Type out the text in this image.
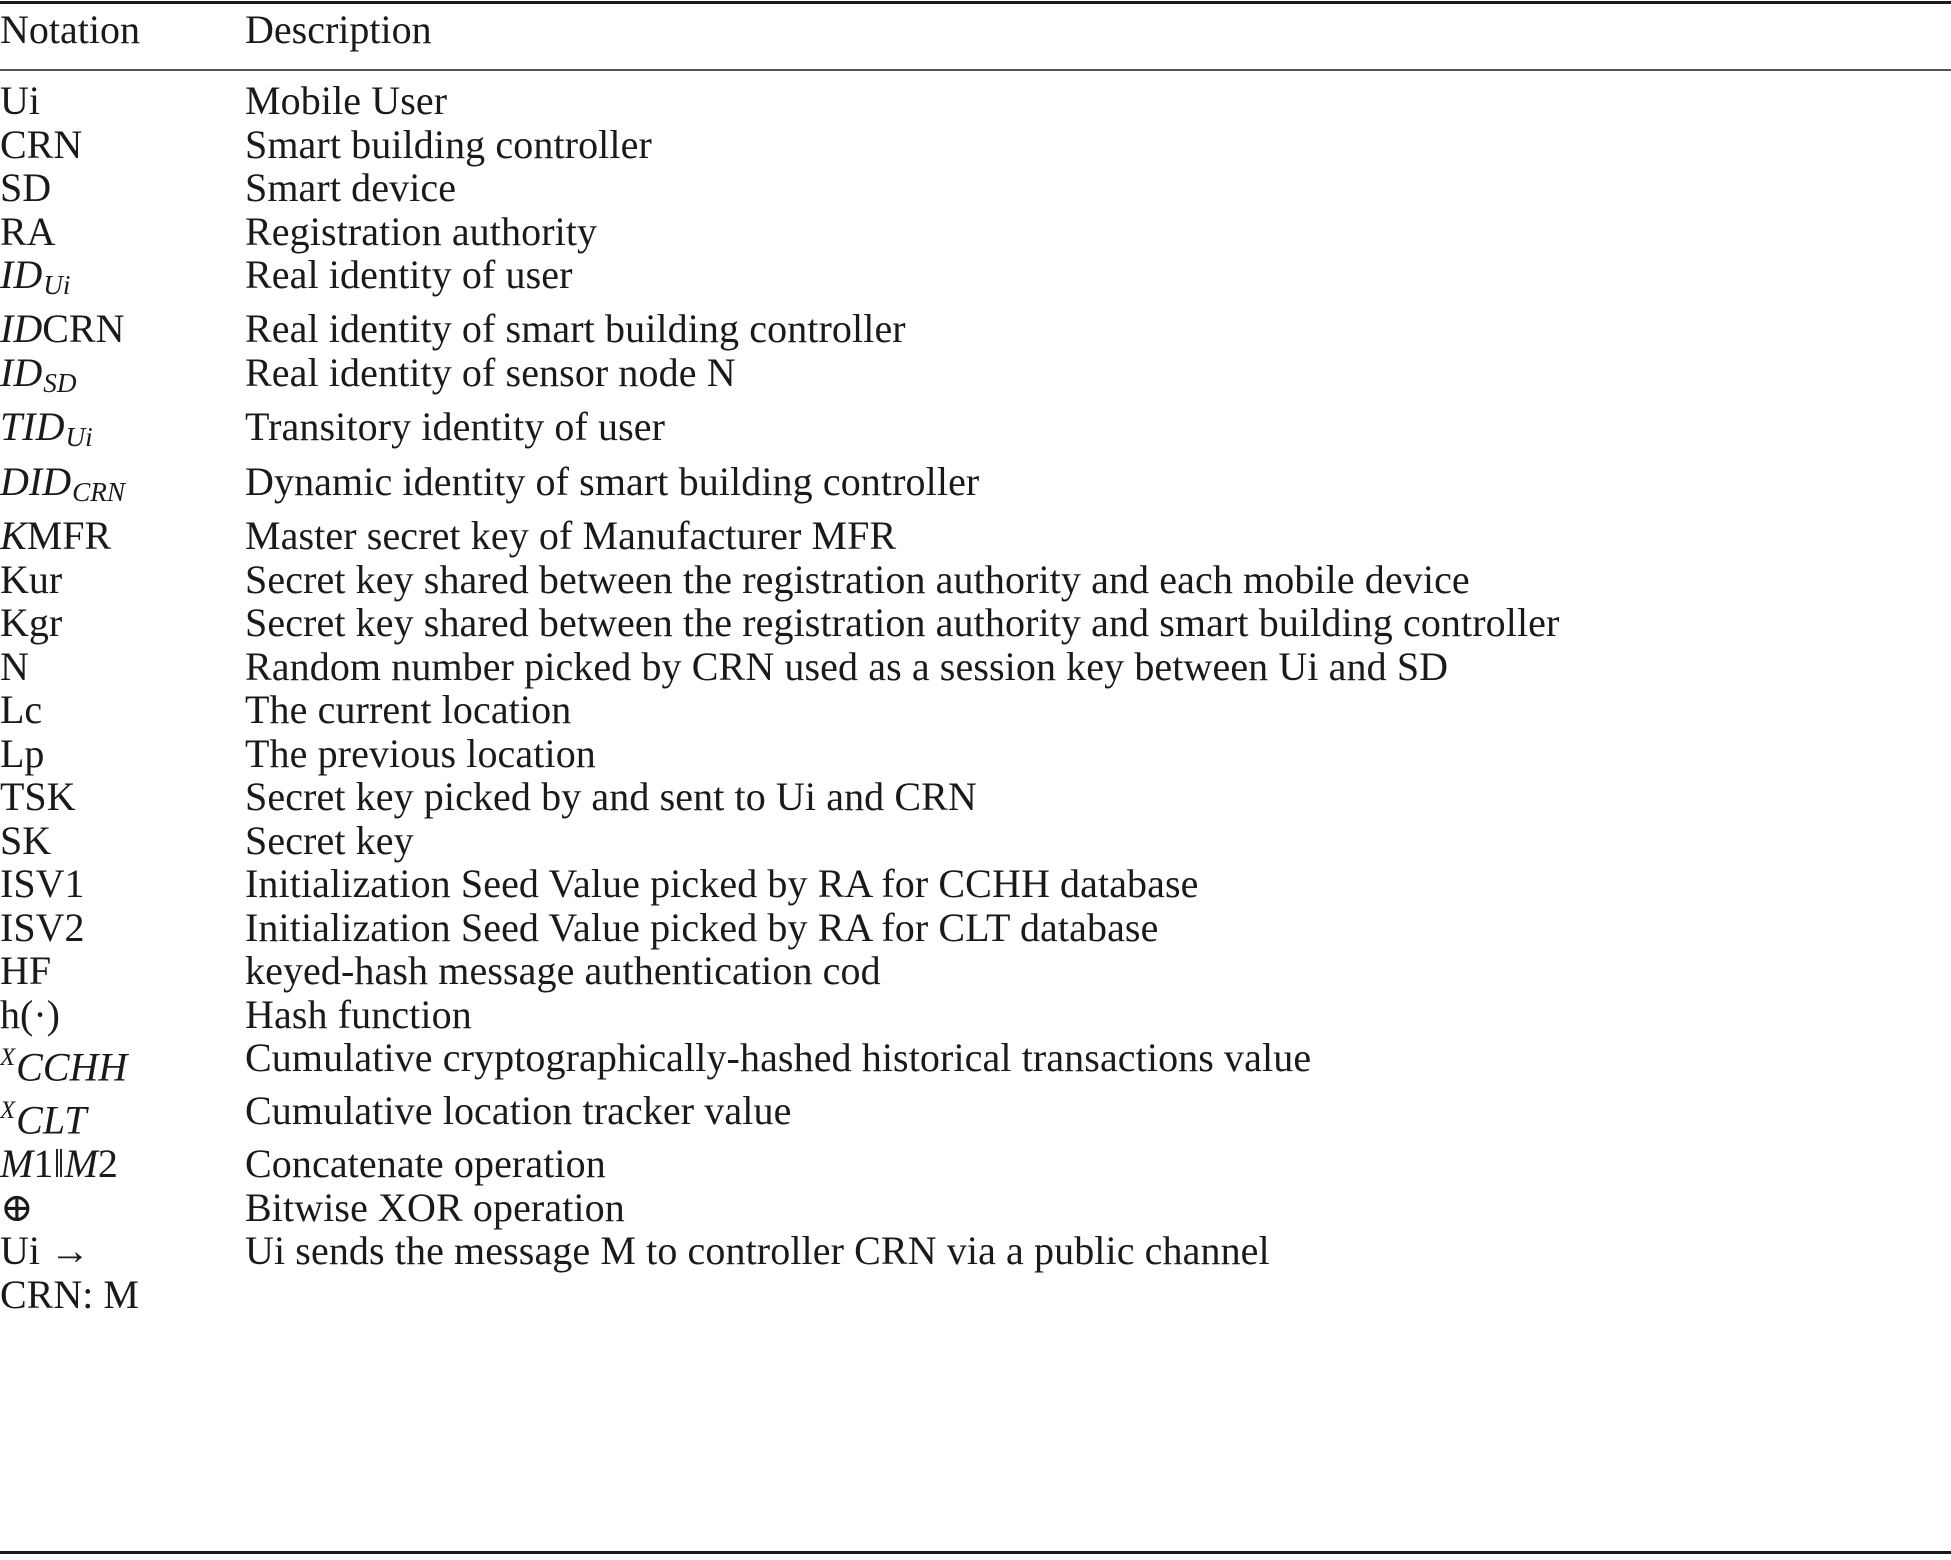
Notation	Description
Ui	Mobile User
CRN	Smart building controller
SD	Smart device
RA	Registration authority
$ID_{Ui}$	Real identity of user
IDCRN	Real identity of smart building controller
$ID_{SD}$	Real identity of sensor node N
$TID_{Ui}$	Transitory identity of user
$DID_{CRN}$	Dynamic identity of smart building controller
KMFR	Master secret key of Manufacturer MFR
Kur	Secret key shared between the registration authority and each mobile device
Kgr	Secret key shared between the registration authority and smart building controller
N	Random number picked by CRN used as a session key between Ui and SD
Lc	The current location
Lp	The previous location
TSK	Secret key picked by and sent to Ui and CRN
SK	Secret key
ISV1	Initialization Seed Value picked by RA for CCHH database
ISV2	Initialization Seed Value picked by RA for CLT database
HF	keyed-hash message authentication cod
h(·)	Hash function
$^X$CCHH	Cumulative cryptographically-hashed historical transactions value
$^X$CLT	Cumulative location tracker value
M1‖M2	Concatenate operation
⊕	Bitwise XOR operation

Ui →
CRN: M	Ui sends the message M to controller CRN via a public channel
